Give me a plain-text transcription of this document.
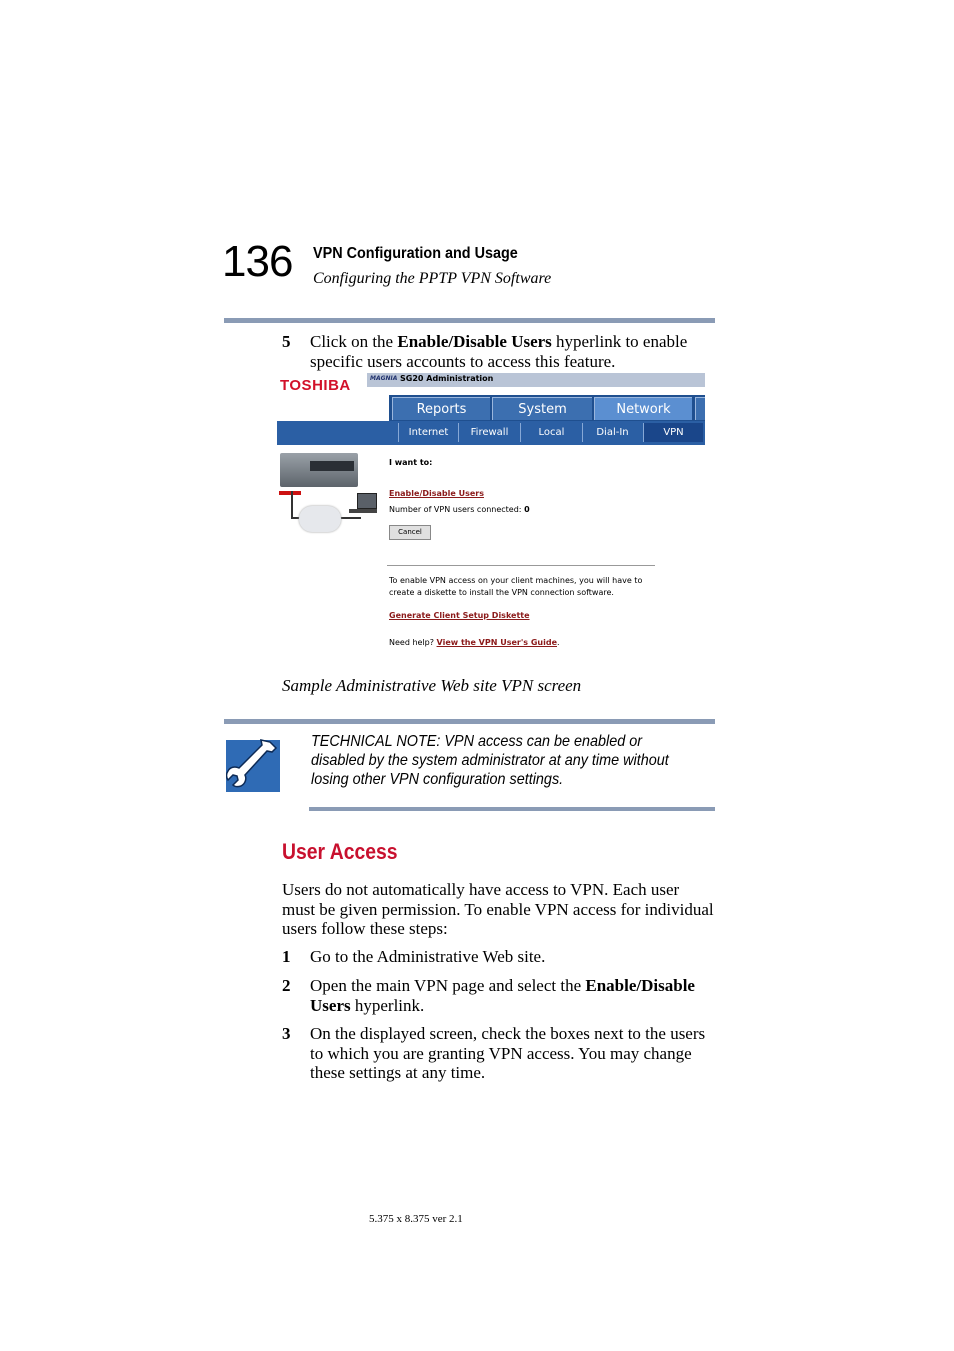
136 VPN Configuration and Usage
Configuring the PPTP VPN Software
5 Click on the Enable/Disable Users hyperlink to enable specific users accounts to access this feature.
TOSHIBA	MAGNIA SG20 Administration
Reports	System	Network
Internet	Firewall	Local	Dial-In	VPN
I want to:
Enable/Disable Users
Number of VPN users connected: 0
Cancel
To enable VPN access on your client machines, you will have to
create a diskette to install the VPN connection software.
Generate Client Setup Diskette
Need help? View the VPN User's Guide.
Sample Administrative Web site VPN screen
TECHNICAL NOTE: VPN access can be enabled or disabled by the system administrator at any time without losing other VPN configuration settings.
User Access
Users do not automatically have access to VPN. Each user must be given permission. To enable VPN access for individual users follow these steps:
1 Go to the Administrative Web site.
2 Open the main VPN page and select the Enable/Disable Users hyperlink.
3 On the displayed screen, check the boxes next to the users to which you are granting VPN access. You may change these settings at any time.
5.375 x 8.375 ver 2.1
